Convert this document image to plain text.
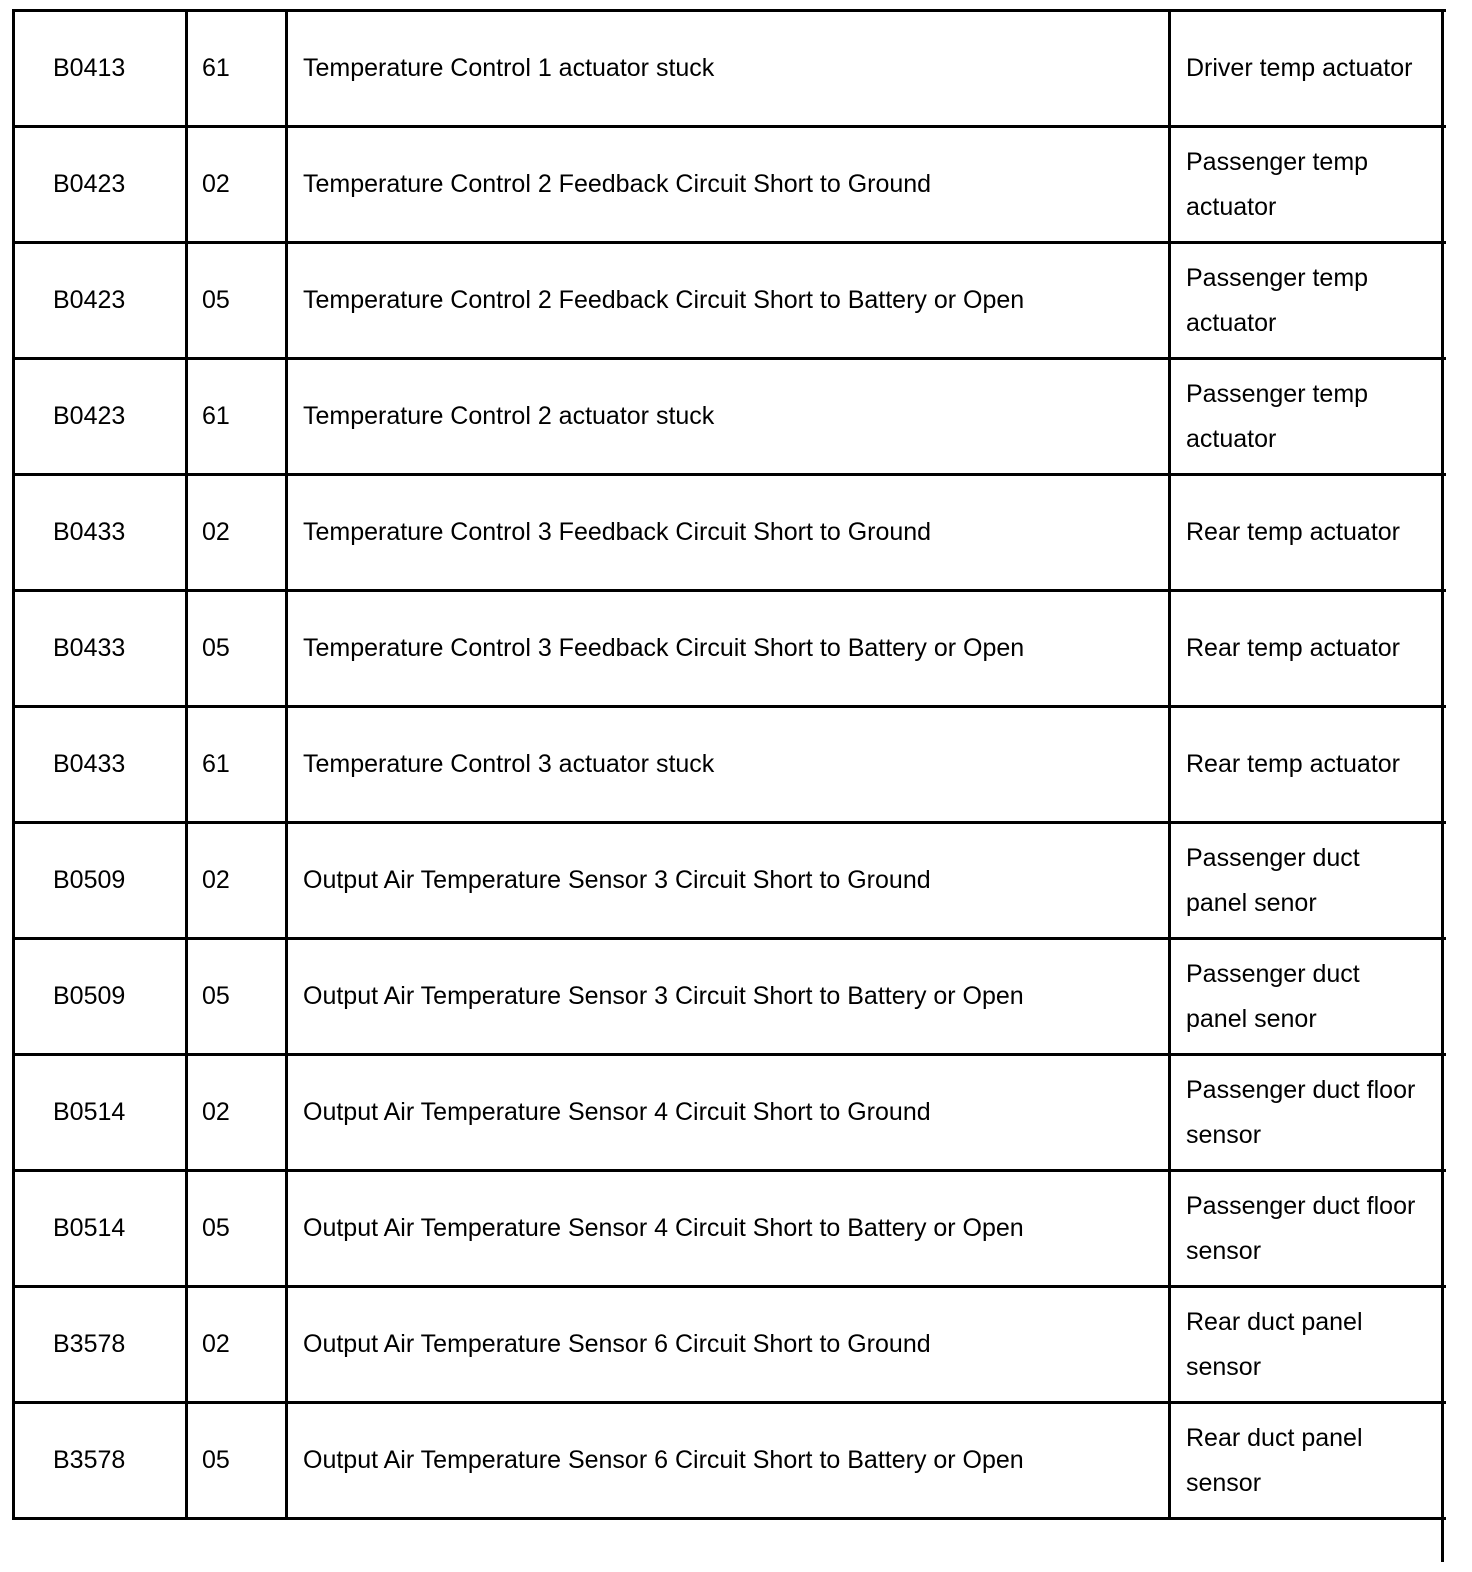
B0413	61	Temperature Control 1 actuator stuck	Driver temp actuator
B0423	02	Temperature Control 2 Feedback Circuit Short to Ground	Passenger temp actuator
B0423	05	Temperature Control 2 Feedback Circuit Short to Battery or Open	Passenger temp actuator
B0423	61	Temperature Control 2 actuator stuck	Passenger temp actuator
B0433	02	Temperature Control 3 Feedback Circuit Short to Ground	Rear temp actuator
B0433	05	Temperature Control 3 Feedback Circuit Short to Battery or Open	Rear temp actuator
B0433	61	Temperature Control 3 actuator stuck	Rear temp actuator
B0509	02	Output Air Temperature Sensor 3 Circuit Short to Ground	Passenger duct panel senor
B0509	05	Output Air Temperature Sensor 3 Circuit Short to Battery or Open	Passenger duct panel senor
B0514	02	Output Air Temperature Sensor 4 Circuit Short to Ground	Passenger duct floor sensor
B0514	05	Output Air Temperature Sensor 4 Circuit Short to Battery or Open	Passenger duct floor sensor
B3578	02	Output Air Temperature Sensor 6 Circuit Short to Ground	Rear duct panel sensor
B3578	05	Output Air Temperature Sensor 6 Circuit Short to Battery or Open	Rear duct panel sensor
